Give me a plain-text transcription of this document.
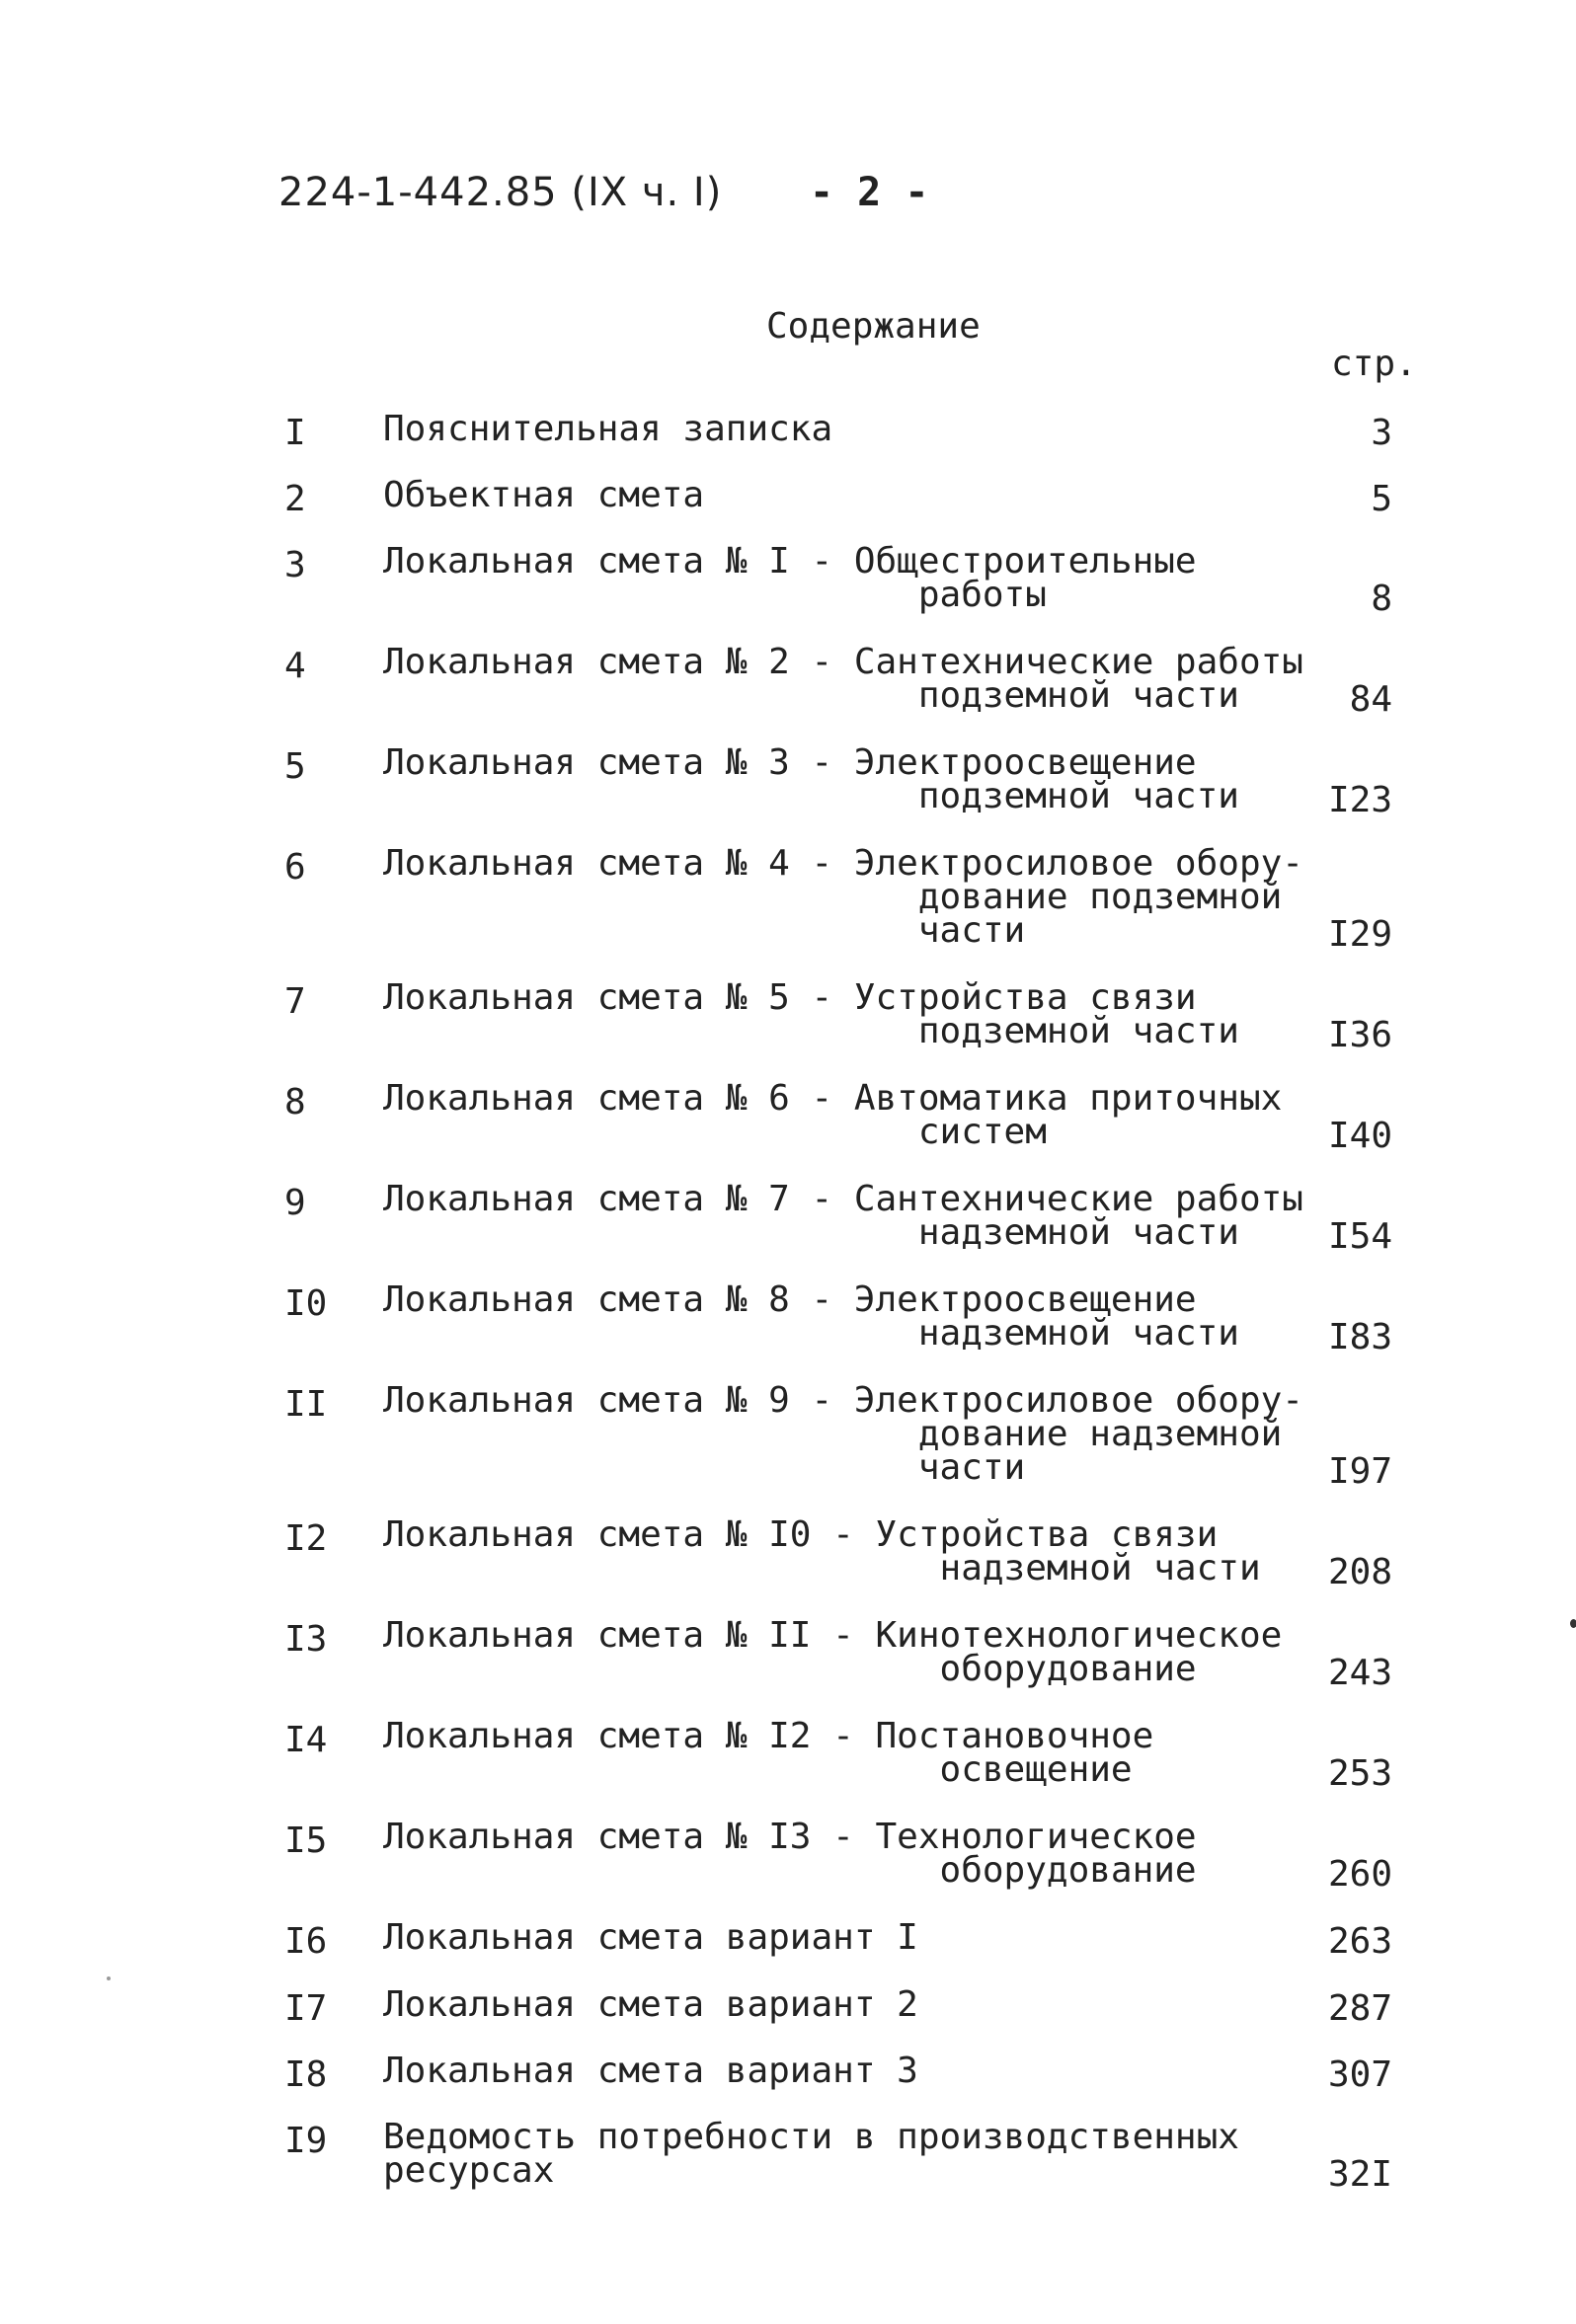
224-1-442.85 (IX ч. I) - 2 -
Содержание
стр.
I Пояснительная записка	3
2 Объектная смета	5
3 Локальная смета № I - Общестроительные
работы	8
4 Локальная смета № 2 - Сантехнические работы
подземной части	84
5 Локальная смета № 3 - Электроосвещение
подземной части	I23
6 Локальная смета № 4 - Электросиловое обору-
дование подземной
части	I29
7 Локальная смета № 5 - Устройства связи
подземной части	I36
8 Локальная смета № 6 - Автоматика приточных
систем	I40
9 Локальная смета № 7 - Сантехнические работы
надземной части	I54
I0 Локальная смета № 8 - Электроосвещение
надземной части	I83
II Локальная смета № 9 - Электросиловое обору-
дование надземной
части	I97
I2 Локальная смета № I0 - Устройства связи
надземной части 208
I3 Локальная смета № II - Кинотехнологическое
оборудование	243
I4 Локальная смета № I2 - Постановочное
освещение	253
I5 Локальная смета № I3 - Технологическое
оборудование	260
I6 Локальная смета вариант I	263
I7 Локальная смета вариант 2	287
I8 Локальная смета вариант 3	307
I9 Ведомость потребности в производственных
ресурсах	32I
